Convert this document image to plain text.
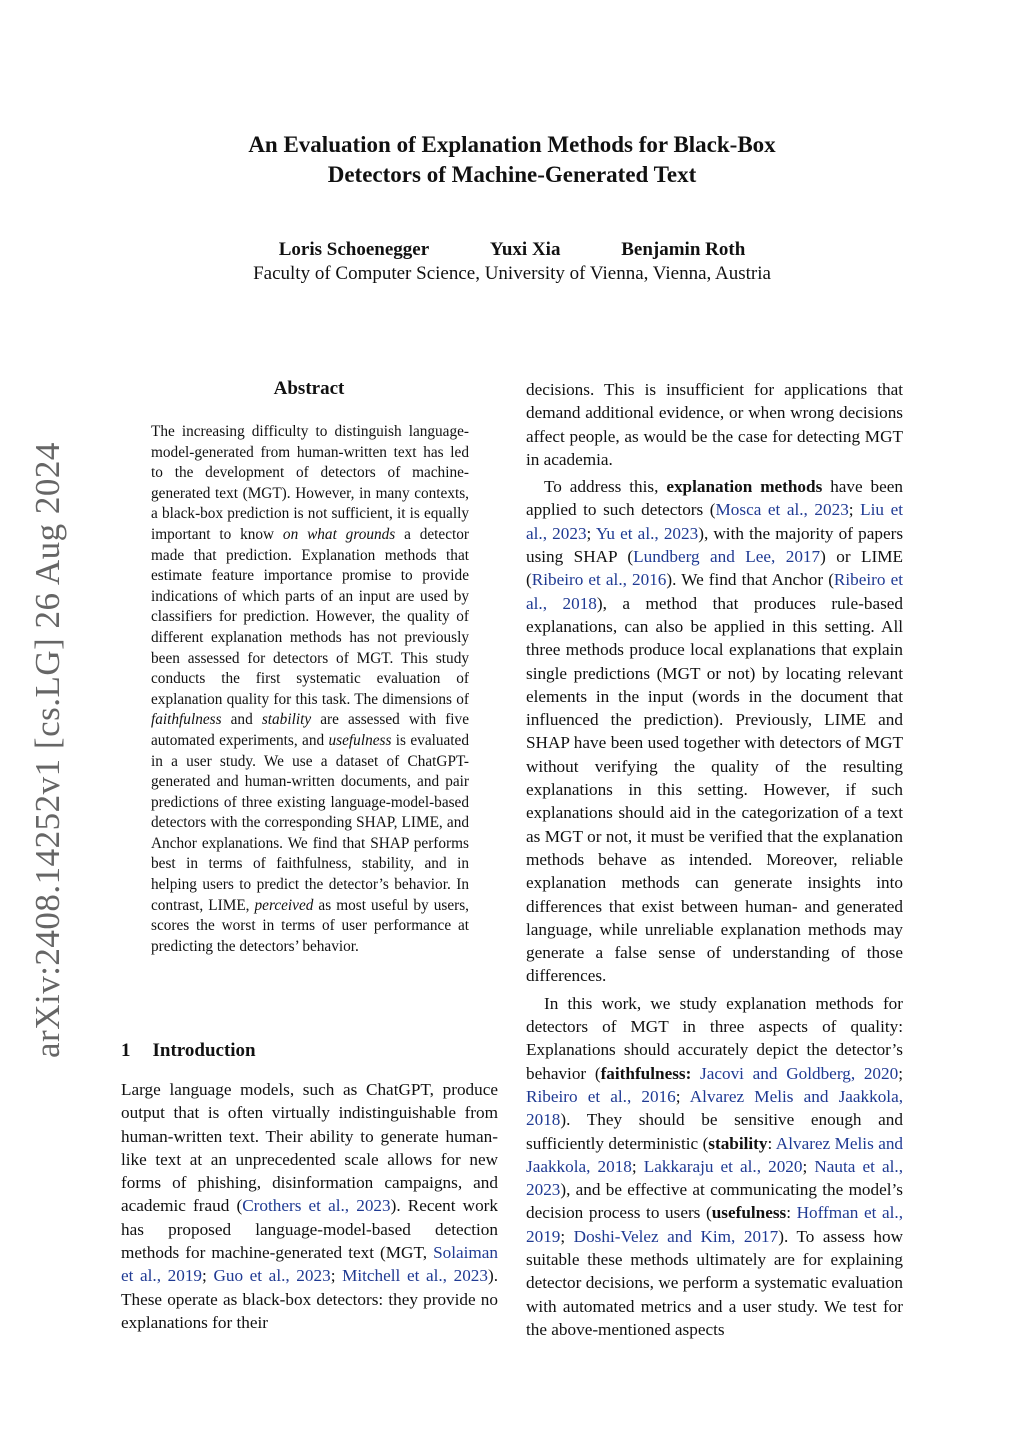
An Evaluation of Explanation Methods for Black-Box
Detectors of Machine-Generated Text
Loris Schoenegger	Yuxi Xia	Benjamin Roth
Faculty of Computer Science, University of Vienna, Vienna, Austria
arXiv:2408.14252v1 [cs.LG] 26 Aug 2024
Abstract
The increasing difficulty to distinguish language-model-generated from human-written text has led to the development of detectors of machine-generated text (MGT). However, in many contexts, a black-box prediction is not sufficient, it is equally important to know on what grounds a detector made that prediction. Explanation methods that estimate feature importance promise to provide indications of which parts of an input are used by classifiers for prediction. However, the quality of different explanation methods has not previously been assessed for detectors of MGT. This study conducts the first systematic evaluation of explanation quality for this task. The dimensions of faithfulness and stability are assessed with five automated experiments, and usefulness is evaluated in a user study. We use a dataset of ChatGPT-generated and human-written documents, and pair predictions of three existing language-model-based detectors with the corresponding SHAP, LIME, and Anchor explanations. We find that SHAP performs best in terms of faithfulness, stability, and in helping users to predict the detector’s behavior. In contrast, LIME, perceived as most useful by users, scores the worst in terms of user performance at predicting the detectors’ behavior.
1 Introduction

Large language models, such as ChatGPT, produce output that is often virtually indistinguishable from human-written text. Their ability to generate human-like text at an unprecedented scale allows for new forms of phishing, disinformation campaigns, and academic fraud (Crothers et al., 2023). Recent work has proposed language-model-based detection methods for machine-generated text (MGT, Solaiman et al., 2019; Guo et al., 2023; Mitchell et al., 2023). These operate as black-box detectors: they provide no explanations for their

decisions. This is insufficient for applications that demand additional evidence, or when wrong decisions affect people, as would be the case for detecting MGT in academia.

To address this, explanation methods have been applied to such detectors (Mosca et al., 2023; Liu et al., 2023; Yu et al., 2023), with the majority of papers using SHAP (Lundberg and Lee, 2017) or LIME (Ribeiro et al., 2016). We find that Anchor (Ribeiro et al., 2018), a method that produces rule-based explanations, can also be applied in this setting. All three methods produce local explanations that explain single predictions (MGT or not) by locating relevant elements in the input (words in the document that influenced the prediction). Previously, LIME and SHAP have been used together with detectors of MGT without verifying the quality of the resulting explanations in this setting. However, if such explanations should aid in the categorization of a text as MGT or not, it must be verified that the explanation methods behave as intended. Moreover, reliable explanation methods can generate insights into differences that exist between human- and generated language, while unreliable explanation methods may generate a false sense of understanding of those differences.

In this work, we study explanation methods for detectors of MGT in three aspects of quality: Explanations should accurately depict the detector’s behavior (faithfulness: Jacovi and Goldberg, 2020; Ribeiro et al., 2016; Alvarez Melis and Jaakkola, 2018). They should be sensitive enough and sufficiently deterministic (stability: Alvarez Melis and Jaakkola, 2018; Lakkaraju et al., 2020; Nauta et al., 2023), and be effective at communicating the model’s decision process to users (usefulness: Hoffman et al., 2019; Doshi-Velez and Kim, 2017). To assess how suitable these methods ultimately are for explaining detector decisions, we perform a systematic evaluation with automated metrics and a user study. We test for the above-mentioned aspects
